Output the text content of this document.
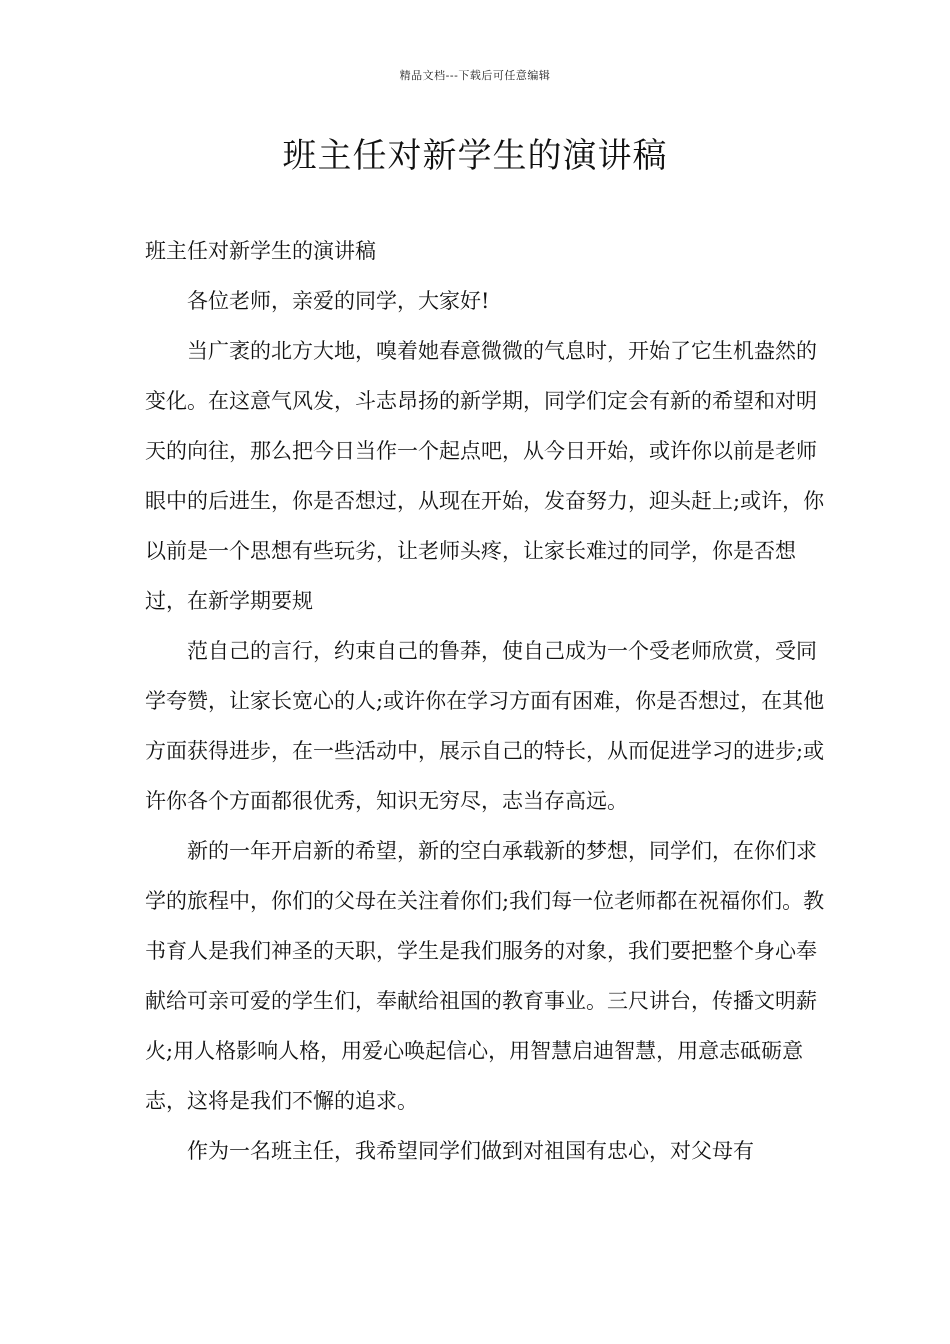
精品文档---下载后可任意编辑
班主任对新学生的演讲稿

班主任对新学生的演讲稿

各位老师，亲爱的同学，大家好!

当广袤的北方大地，嗅着她春意微微的气息时，开始了它生机盎然的变化。在这意气风发，斗志昂扬的新学期，同学们定会有新的希望和对明天的向往，那么把今日当作一个起点吧，从今日开始，或许你以前是老师眼中的后进生，你是否想过，从现在开始，发奋努力，迎头赶上;或许，你以前是一个思想有些玩劣，让老师头疼，让家长难过的同学，你是否想过，在新学期要规

范自己的言行，约束自己的鲁莽，使自己成为一个受老师欣赏，受同学夸赞，让家长宽心的人;或许你在学习方面有困难，你是否想过，在其他方面获得进步，在一些活动中，展示自己的特长，从而促进学习的进步;或许你各个方面都很优秀，知识无穷尽，志当存高远。

新的一年开启新的希望，新的空白承载新的梦想，同学们，在你们求学的旅程中，你们的父母在关注着你们;我们每一位老师都在祝福你们。教书育人是我们神圣的天职，学生是我们服务的对象，我们要把整个身心奉献给可亲可爱的学生们，奉献给祖国的教育事业。三尺讲台，传播文明薪火;用人格影响人格，用爱心唤起信心，用智慧启迪智慧，用意志砥砺意志，这将是我们不懈的追求。

作为一名班主任，我希望同学们做到对祖国有忠心，对父母有
